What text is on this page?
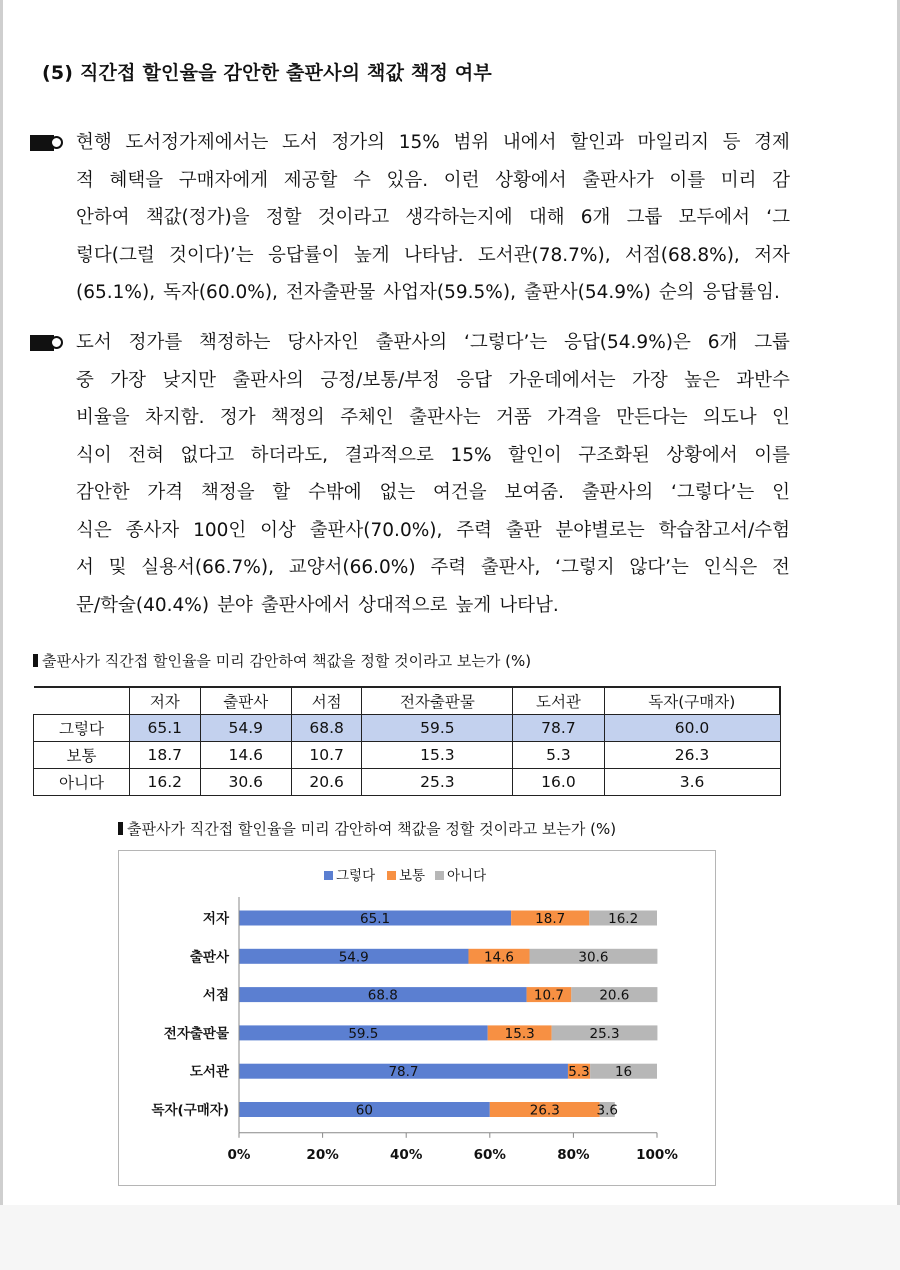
(5) 직간접 할인율을 감안한 출판사의 책값 책정 여부
현행 도서정가제에서는 도서 정가의 15% 범위 내에서 할인과 마일리지 등 경제
적 혜택을 구매자에게 제공할 수 있음. 이런 상황에서 출판사가 이를 미리 감
안하여 책값(정가)을 정할 것이라고 생각하는지에 대해 6개 그룹 모두에서 ‘그
렇다(그럴 것이다)’는 응답률이 높게 나타남. 도서관(78.7%), 서점(68.8%), 저자
(65.1%), 독자(60.0%), 전자출판물 사업자(59.5%), 출판사(54.9%) 순의 응답률임.
도서 정가를 책정하는 당사자인 출판사의 ‘그렇다’는 응답(54.9%)은 6개 그룹
중 가장 낮지만 출판사의 긍정/보통/부정 응답 가운데에서는 가장 높은 과반수
비율을 차지함. 정가 책정의 주체인 출판사는 거품 가격을 만든다는 의도나 인
식이 전혀 없다고 하더라도, 결과적으로 15% 할인이 구조화된 상황에서 이를
감안한 가격 책정을 할 수밖에 없는 여건을 보여줌. 출판사의 ‘그렇다’는 인
식은 종사자 100인 이상 출판사(70.0%), 주력 출판 분야별로는 학습참고서/수험
서 및 실용서(66.7%), 교양서(66.0%) 주력 출판사, ‘그렇지 않다’는 인식은 전
문/학술(40.4%) 분야 출판사에서 상대적으로 높게 나타남.
출판사가 직간접 할인율을 미리 감안하여 책값을 정할 것이라고 보는가 (%)
	저자	출판사	서점	전자출판물	도서관	독자(구매자)
그렇다	65.1	54.9	68.8	59.5	78.7	60.0
보통	18.7	14.6	10.7	15.3	5.3	26.3
아니다	16.2	30.6	20.6	25.3	16.0	3.6
출판사가 직간접 할인율을 미리 감안하여 책값을 정할 것이라고 보는가 (%)
그렇다 보통 아니다
저자	65.1	18.7	16.2
출판사	54.9	14.6	30.6
서점	68.8	10.7	20.6
전자출판물	59.5	15.3	25.3
도서관	78.7	5.3 16
독자(구매자)	60	26.3	3.6
0%	20%	40%	60%	80%	100%
